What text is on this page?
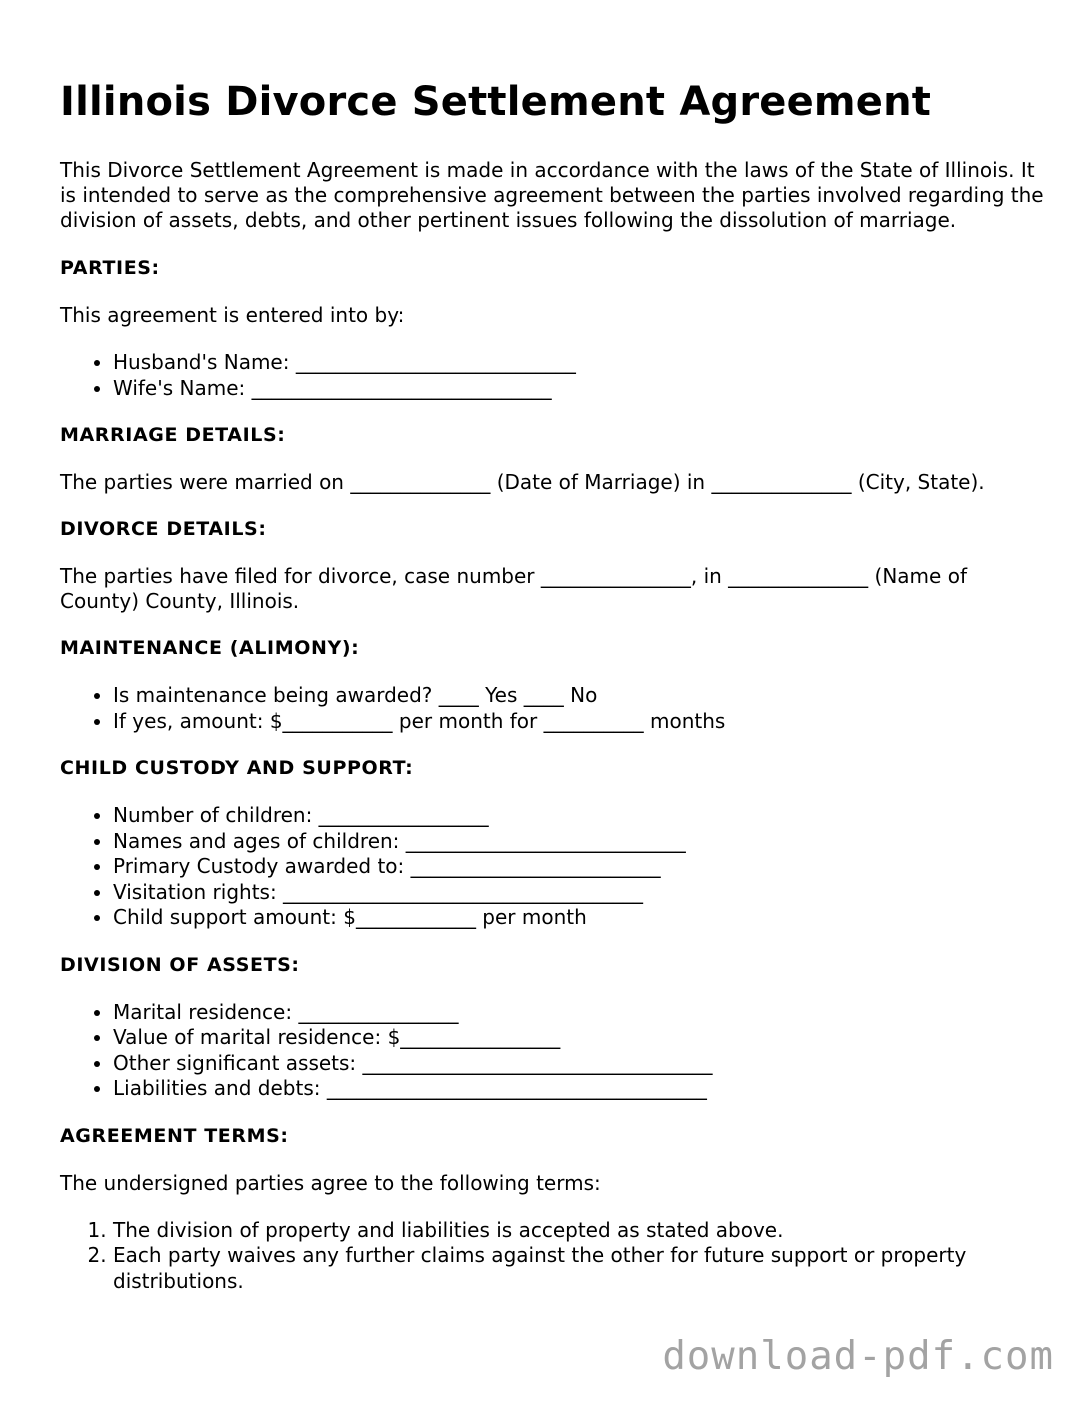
Illinois Divorce Settlement Agreement

This Divorce Settlement Agreement is made in accordance with the laws of the State of Illinois. It is intended to serve as the comprehensive agreement between the parties involved regarding the division of assets, debts, and other pertinent issues following the dissolution of marriage.

PARTIES:

This agreement is entered into by:

• Husband's Name: ____________________________
• Wife's Name: ______________________________
MARRIAGE DETAILS:

The parties were married on ______________ (Date of Marriage) in ______________ (City, State).

DIVORCE DETAILS:

The parties have filed for divorce, case number _______________, in ______________ (Name of County) County, Illinois.

MAINTENANCE (ALIMONY):
• Is maintenance being awarded? ____ Yes ____ No
• If yes, amount: $___________ per month for __________ months
CHILD CUSTODY AND SUPPORT:
• Number of children: _________________
• Names and ages of children: ____________________________
• Primary Custody awarded to: _________________________
• Visitation rights: ____________________________________
• Child support amount: $____________ per month
DIVISION OF ASSETS:
• Marital residence: ________________
• Value of marital residence: $________________
• Other significant assets: ___________________________________
• Liabilities and debts: ______________________________________
AGREEMENT TERMS:

The undersigned parties agree to the following terms:

1. The division of property and liabilities is accepted as stated above.
2. Each party waives any further claims against the other for future support or property distributions.
download-pdf.com
